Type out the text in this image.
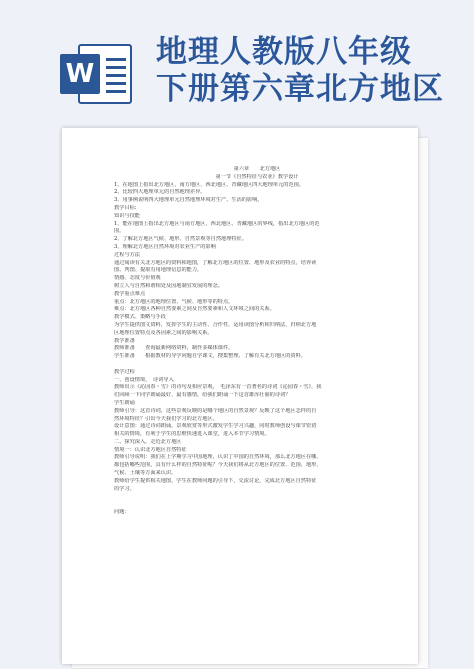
W
地理人教版八年级
下册第六章北方地区

第六章　　北方地区

第一节《自然特征与农业》教学设计

1、在地图上指出北方地区、南方地区、西北地区、青藏地区四大地理单元的范围。

2、比较四大地理单元的自然地理差异。

3、用事例说明四大地理单元自然地理环境对生产、生活的影响。

教学目标:

知识与技能

1、能在地图上指出北方地区与南方地区、西北地区、青藏地区的界线，指出北方地区的范

围。

2、了解北方地区气候、地形、自然景观等自然地理特征。

3、理解北方地区自然环境对农业生产的影响

过程与方法

通过阅读有关北方地区的资料和地图，了解北方地区的位置、地形及农业的特点，培养读

图、判图、提取有用地理信息的能力。

情感、态度与价值观

树立人与自然和谐相处及因地制宜发展的理念。

教学重点难点

重点：北方地区的地理位置、气候、地形等的特点。

难点：北方地区各种自然要素之间及自然要素和人文环境之间的关系。

教学模式、策略与手段

为学生提供图文资料，发挥学生的主动性、合作性，运用读图分析和归纳法，归纳北方地

区地理位置特点及各因素之间的影响关系。

教学准备

教师准备　　查询最新网络资料，制作多媒体课件。

学生准备　　根据教材的导学问题自学课文，搜集整理、了解有关北方地区的资料。

教学过程

一、创设情境，　诗词导入

教师出示《沁园春・雪》的诗句及相应景观，　毛泽东有一首著名的诗词《沁园春・雪》，我

们回顾一下同学朗诵最好、最有感情，给我们朗诵一下这首雄浑壮丽的诗词？

学生朗诵

教师引导：这首诗词，这些景观反映的是哪个地区的自然景观？反映了这个地区怎样的自

然环境特征？引出今天我们学习的北方地区。

设计意图：通过诗词朗诵，景观欣赏等形式激发学生学习兴趣，同时教师创设与课节密切

相关的情境，有利于学生的思维快速进入课堂，进入本节学习情境。

二、探究深入，走近北方地区

情境一：认识北方地区自然特征

教师引导说明：我们在上学期学习中国地理，认识了中国的自然环境，那么北方地区在哪，

都包括哪些范围，具有什么样的自然特征呢？今天我们将从北方地区的位置、范围、地形、

气候、土壤等方面来认识。

教师给学生提供相关地图，学生在教师问题的引导下，交流讨论，完成北方地区自然特征

的学习。

问题：
